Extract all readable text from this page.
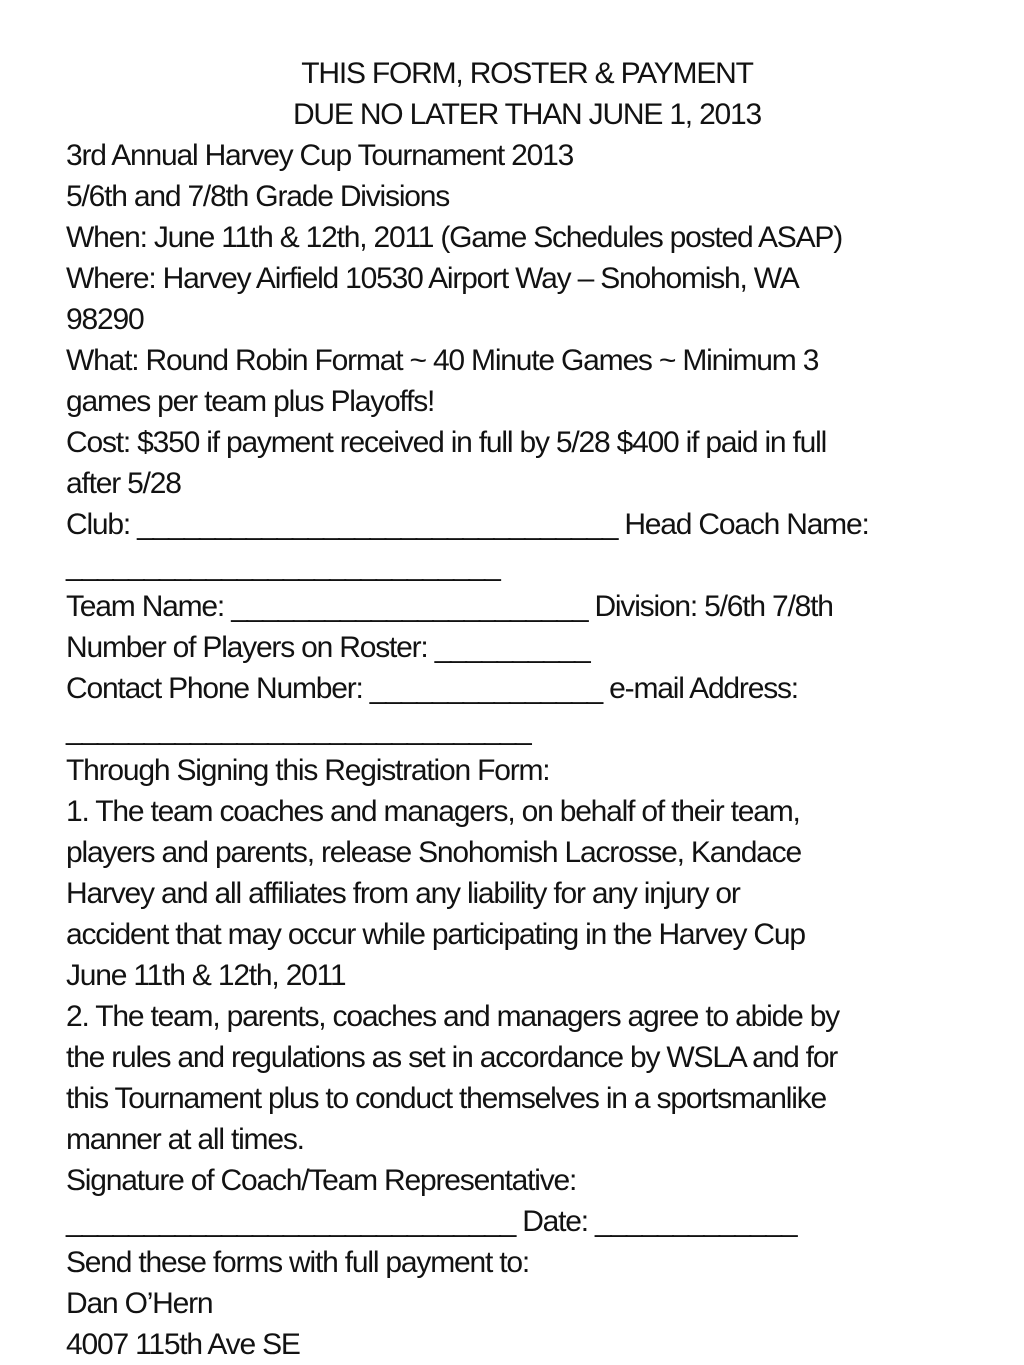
THIS FORM, ROSTER & PAYMENT
DUE NO LATER THAN JUNE 1, 2013
3rd Annual Harvey Cup Tournament 2013
5/6th and 7/8th Grade Divisions
When: June 11th & 12th, 2011 (Game Schedules posted ASAP)
Where: Harvey Airfield 10530 Airport Way – Snohomish, WA
98290
What: Round Robin Format ~ 40 Minute Games ~ Minimum 3
games per team plus Playoffs!
Cost: $350 if payment received in full by 5/28 $400 if paid in full
after 5/28
Club: _______________________________ Head Coach Name:
____________________________
Team Name: _______________________ Division: 5/6th 7/8th
Number of Players on Roster: __________
Contact Phone Number: _______________ e-mail Address:
______________________________
Through Signing this Registration Form:
1. The team coaches and managers, on behalf of their team,
players and parents, release Snohomish Lacrosse, Kandace
Harvey and all affiliates from any liability for any injury or
accident that may occur while participating in the Harvey Cup
June 11th & 12th, 2011
2. The team, parents, coaches and managers agree to abide by
the rules and regulations as set in accordance by WSLA and for
this Tournament plus to conduct themselves in a sportsmanlike
manner at all times.
Signature of Coach/Team Representative:
_____________________________ Date: _____________
Send these forms with full payment to:
Dan O’Hern
4007 115th Ave SE
